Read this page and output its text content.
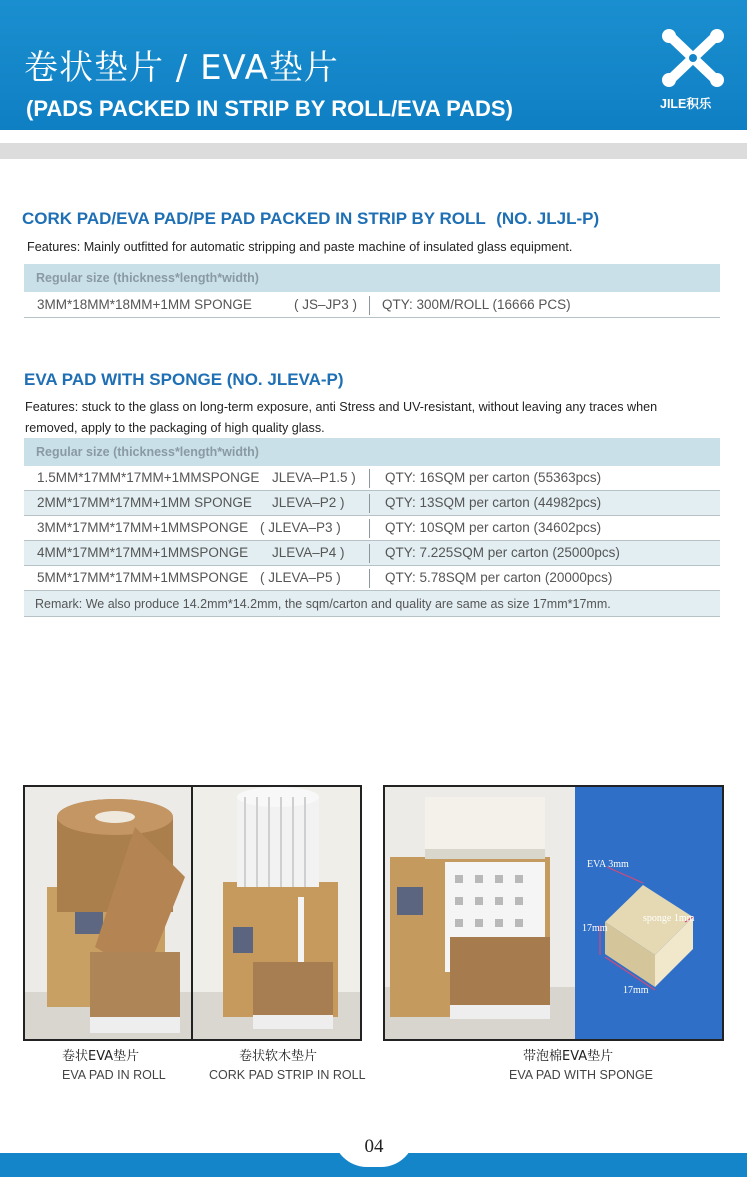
卷状垫片 / EVA垫片
(PADS PACKED IN STRIP BY ROLL/EVA PADS)	JILE积乐
CORK PAD/EVA PAD/PE PAD PACKED IN STRIP BY ROLL (NO. JLJL-P)
Features: Mainly outfitted for automatic stripping and paste machine of insulated glass equipment.
Regular size (thickness*length*width)
3MM*18MM*18MM+1MM SPONGE	( JS–JP3 ) QTY: 300M/ROLL (16666 PCS)
EVA PAD WITH SPONGE (NO. JLEVA-P)
Features: stuck to the glass on long-term exposure, anti Stress and UV-resistant, without leaving any traces when
removed, apply to the packaging of high quality glass.
Regular size (thickness*length*width)
1.5MM*17MM*17MM+1MMSPONGE JLEVA–P1.5 ) QTY: 16SQM per carton (55363pcs)
2MM*17MM*17MM+1MM SPONGE JLEVA–P2 )	QTY: 13SQM per carton (44982pcs)
3MM*17MM*17MM+1MMSPONGE ( JLEVA–P3 )	QTY: 10SQM per carton (34602pcs)
4MM*17MM*17MM+1MMSPONGE JLEVA–P4 )	QTY: 7.225SQM per carton (25000pcs)
5MM*17MM*17MM+1MMSPONGE ( JLEVA–P5 )	QTY: 5.78SQM per carton (20000pcs)
Remark: We also produce 14.2mm*14.2mm, the sqm/carton and quality are same as size 17mm*17mm.
EVA 3mm
sponge 1mm
17mm
17mm
卷状EVA垫片
EVA PAD IN ROLL
卷状软木垫片
CORK PAD STRIP IN ROLL
带泡棉EVA垫片
EVA PAD WITH SPONGE
04
